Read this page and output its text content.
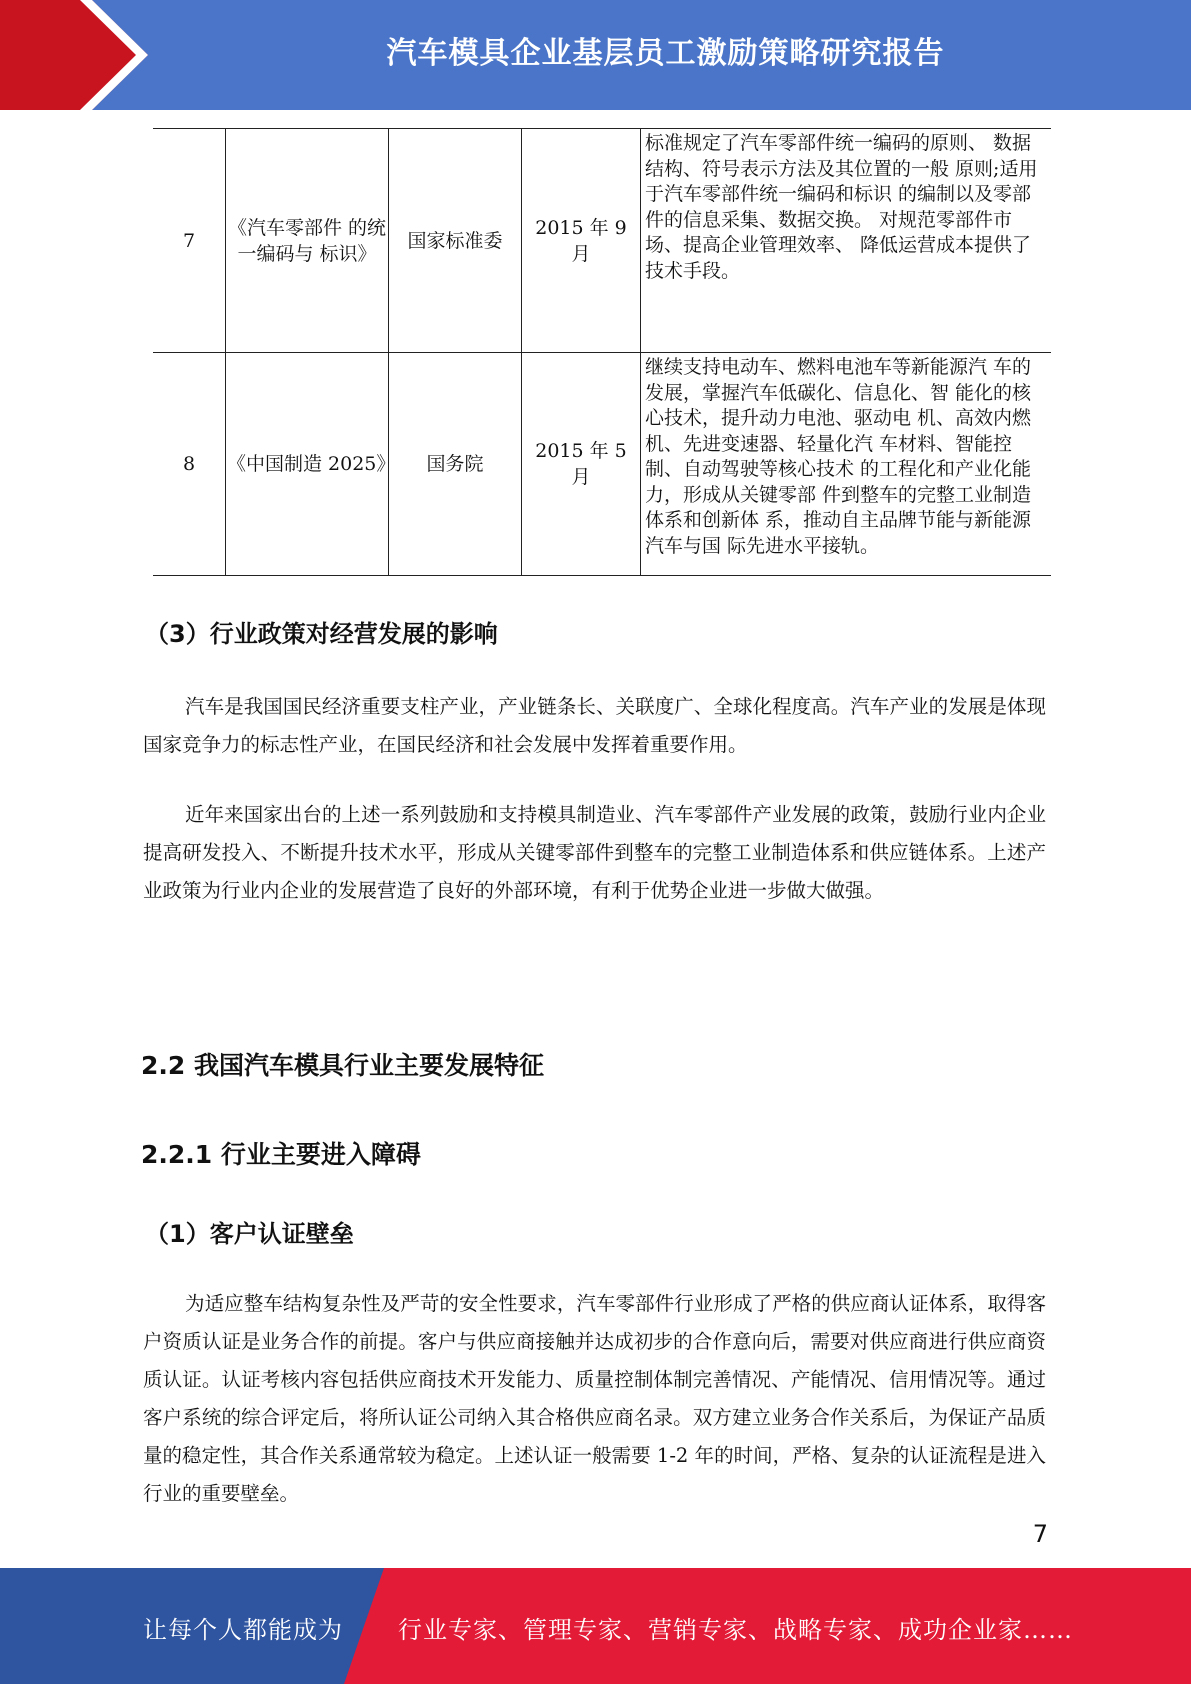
汽车模具企业基层员工激励策略研究报告
7	《汽车零部件 的统一编码与 标识》	国家标准委	2015 年 9 月	标准规定了汽车零部件统一编码的原则、 数据结构、符号表示方法及其位置的一般 原则;适用于汽车零部件统一编码和标识 的编制以及零部件的信息采集、数据交换。 对规范零部件市场、提高企业管理效率、 降低运营成本提供了技术手段。
8	《中国制造 2025》	国务院	2015 年 5 月	继续支持电动车、燃料电池车等新能源汽 车的发展，掌握汽车低碳化、信息化、智 能化的核心技术，提升动力电池、驱动电 机、高效内燃机、先进变速器、轻量化汽 车材料、智能控制、自动驾驶等核心技术 的工程化和产业化能力，形成从关键零部 件到整车的完整工业制造体系和创新体 系，推动自主品牌节能与新能源汽车与国 际先进水平接轨。
（3）行业政策对经营发展的影响
汽车是我国国民经济重要支柱产业，产业链条长、关联度广、全球化程度高。汽车产业的发展是体现国家竞争力的标志性产业，在国民经济和社会发展中发挥着重要作用。
近年来国家出台的上述一系列鼓励和支持模具制造业、汽车零部件产业发展的政策，鼓励行业内企业提高研发投入、不断提升技术水平，形成从关键零部件到整车的完整工业制造体系和供应链体系。上述产业政策为行业内企业的发展营造了良好的外部环境，有利于优势企业进一步做大做强。
2.2 我国汽车模具行业主要发展特征
2.2.1 行业主要进入障碍
（1）客户认证壁垒
为适应整车结构复杂性及严苛的安全性要求，汽车零部件行业形成了严格的供应商认证体系，取得客户资质认证是业务合作的前提。客户与供应商接触并达成初步的合作意向后，需要对供应商进行供应商资质认证。认证考核内容包括供应商技术开发能力、质量控制体制完善情况、产能情况、信用情况等。通过客户系统的综合评定后，将所认证公司纳入其合格供应商名录。双方建立业务合作关系后，为保证产品质量的稳定性，其合作关系通常较为稳定。上述认证一般需要 1-2 年的时间，严格、复杂的认证流程是进入行业的重要壁垒。
7
让每个人都能成为 行业专家、管理专家、营销专家、战略专家、成功企业家……
